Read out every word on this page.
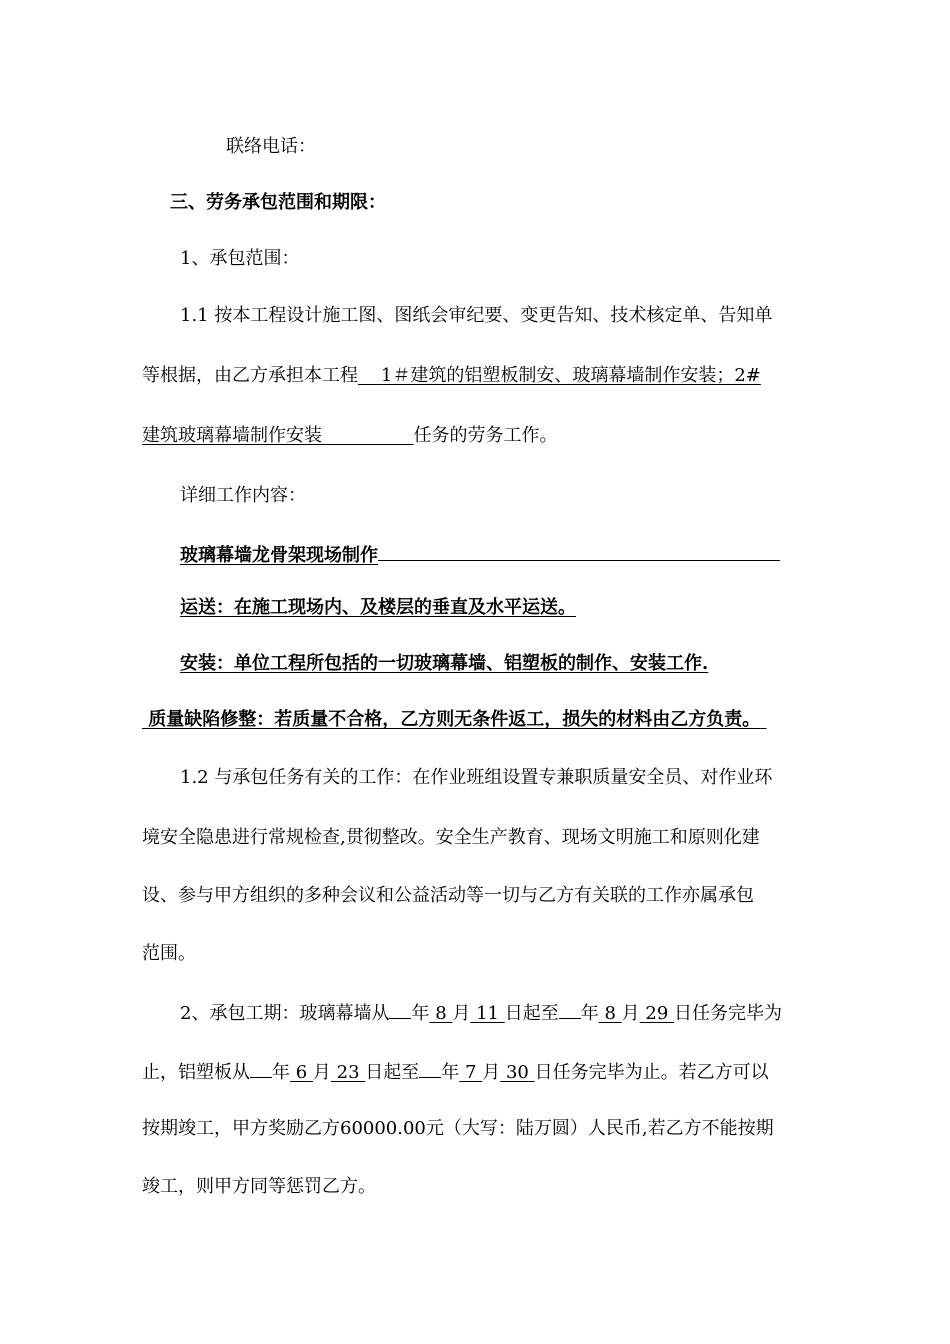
联络电话：
三、劳务承包范围和期限：
1、承包范围：
1.1 按本工程设计施工图、图纸会审纪要、变更告知、技术核定单、告知单
等根据，由乙方承担本工程 1＃建筑的铝塑板制安、玻璃幕墙制作安装；2#
建筑玻璃幕墙制作安装	任务的劳务工作。
详细工作内容：
玻璃幕墙龙骨架现场制作
运送：在施工现场内、及楼层的垂直及水平运送。
安装：单位工程所包括的一切玻璃幕墙、铝塑板的制作、安装工作.
质量缺陷修整：若质量不合格，乙方则无条件返工，损失的材料由乙方负责。
1.2 与承包任务有关的工作：在作业班组设置专兼职质量安全员、对作业环
境安全隐患进行常规检查,贯彻整改。安全生产教育、现场文明施工和原则化建
设、参与甲方组织的多种会议和公益活动等一切与乙方有关联的工作亦属承包
范围。
2、承包工期：玻璃幕墙从 年 8 月 11 日起至 年 8 月 29 日任务完毕为
止，铝塑板从 年 6 月 23 日起至 年 7 月 30 日任务完毕为止。若乙方可以
按期竣工，甲方奖励乙方60000.00元（大写：陆万圆）人民币,若乙方不能按期
竣工，则甲方同等惩罚乙方。
